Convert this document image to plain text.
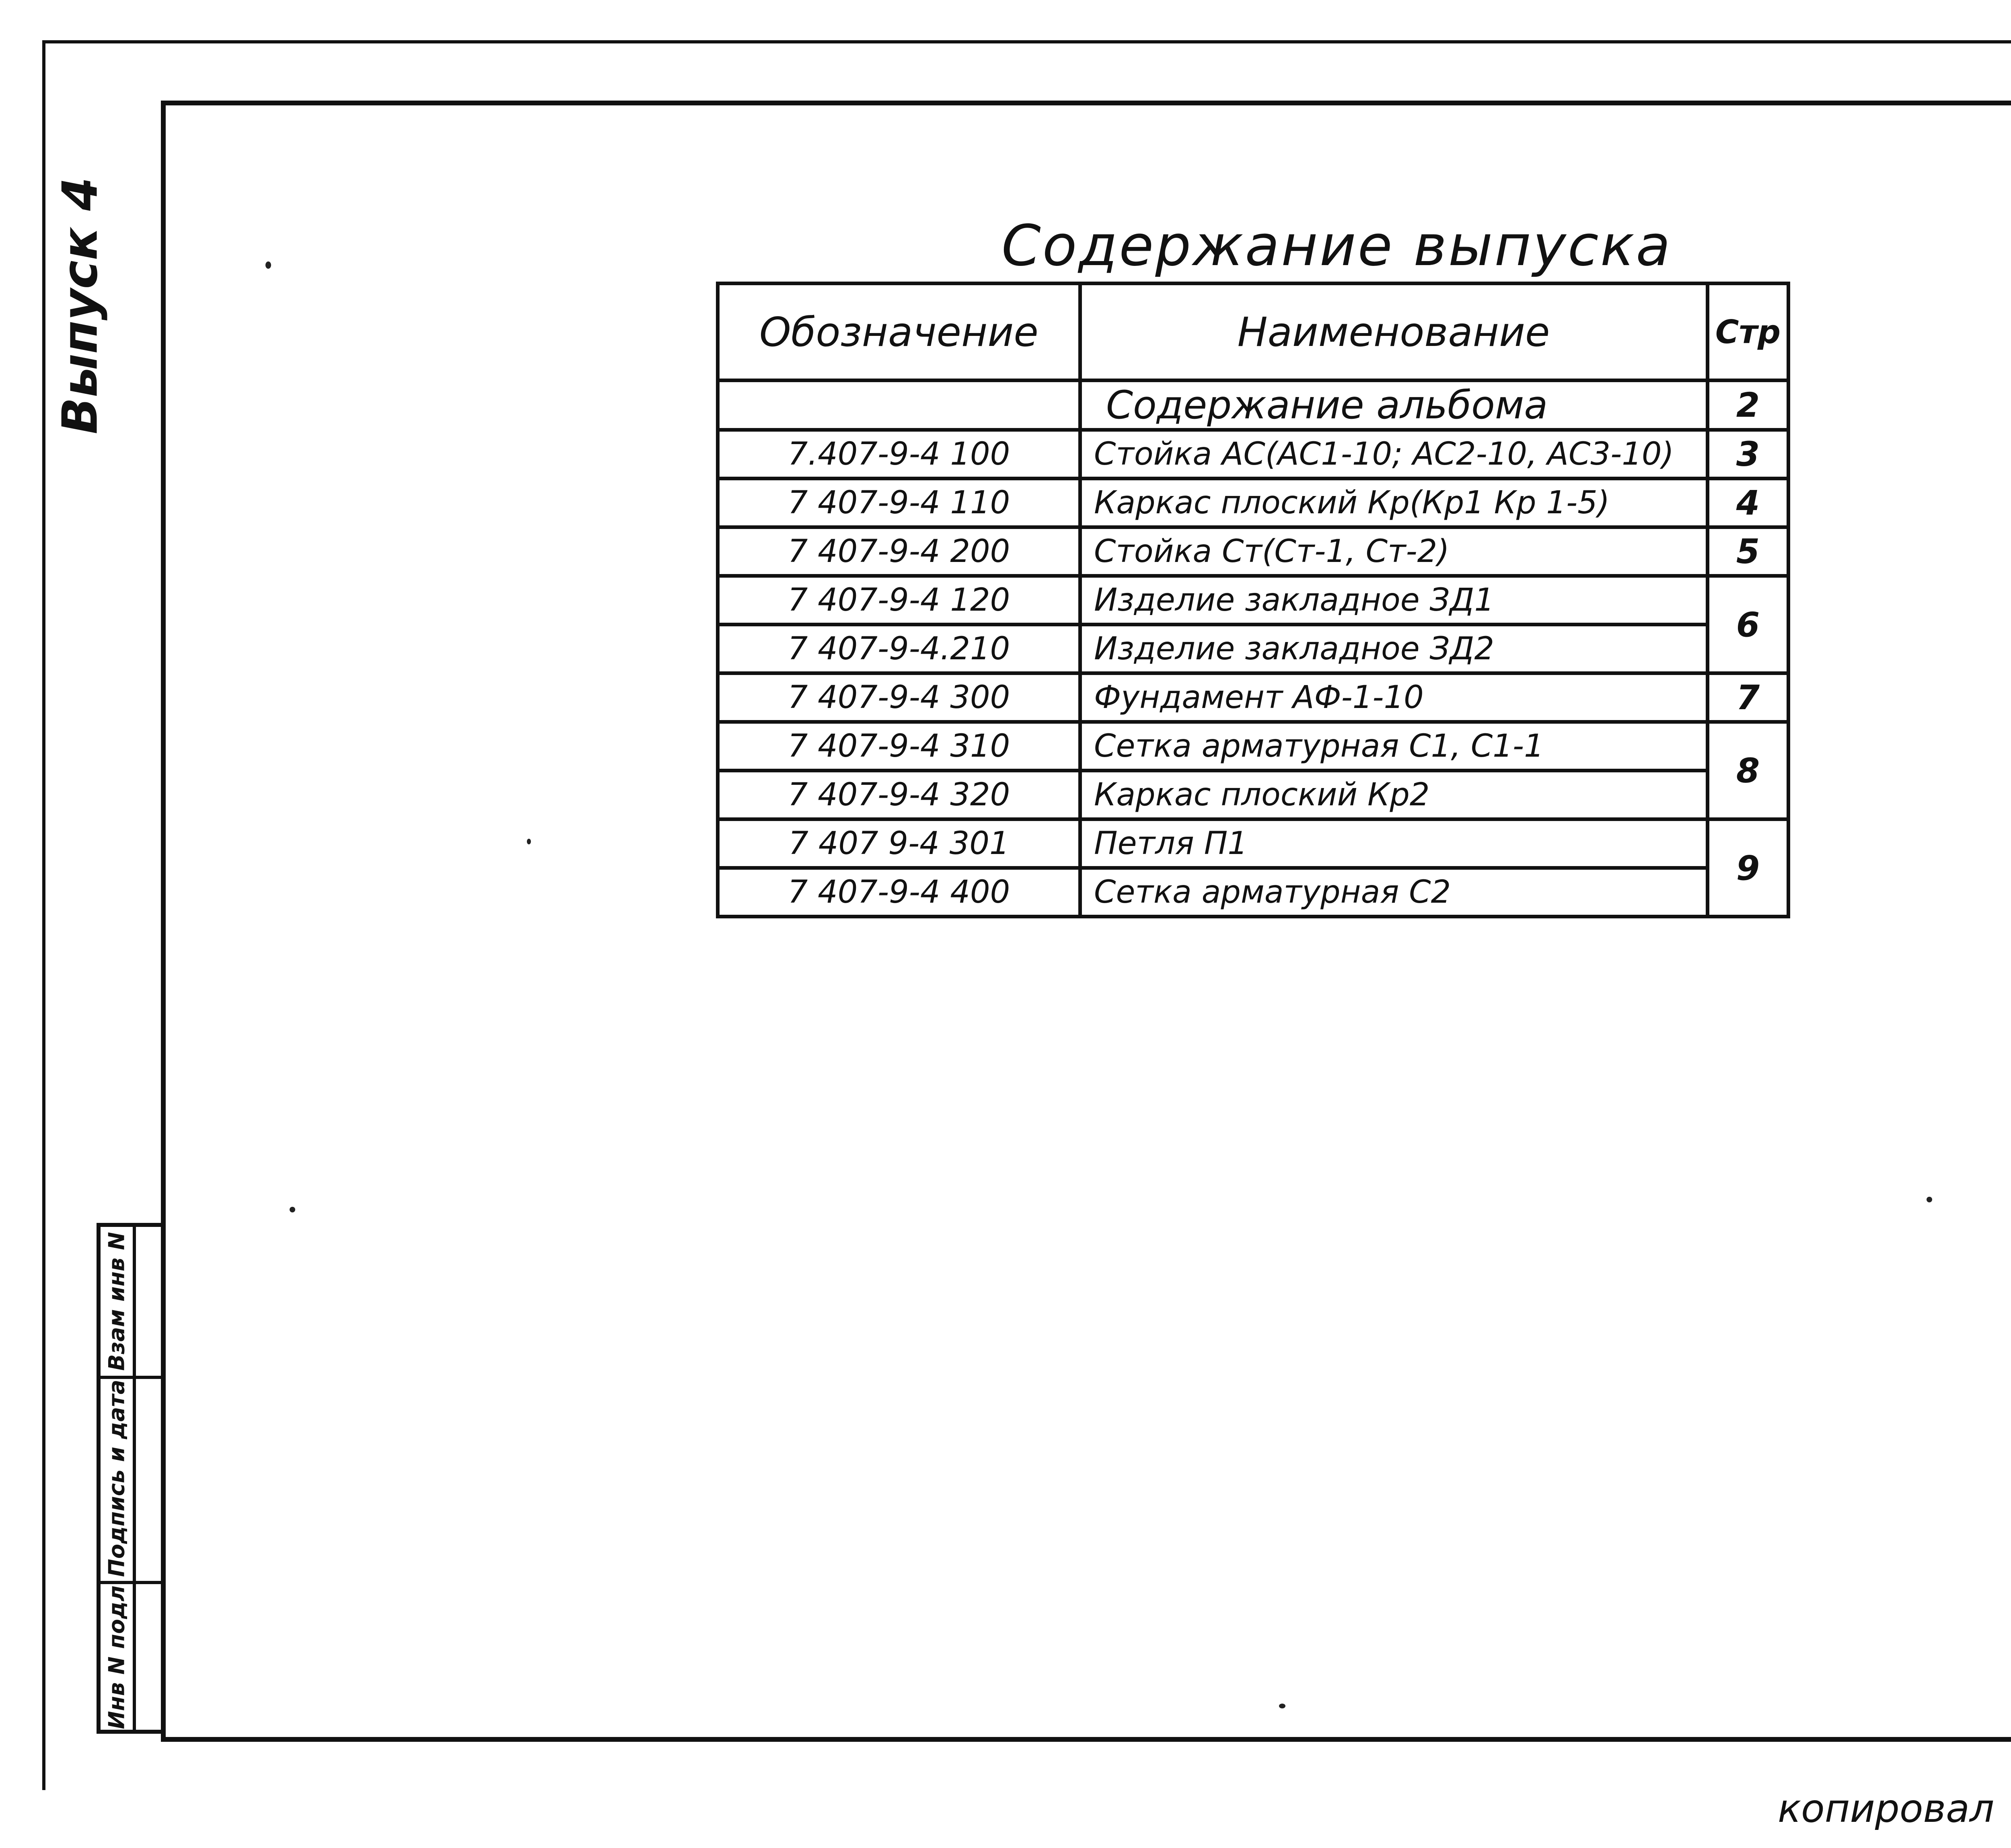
Выпуск 4
Взам инв N
Подпись и дата
Инв N подл
Содержание выпуска
Обозначение	Наименование	Стр
	Содержание альбома	2
7.407-9-4 100	Стойка АС(АС1-10; АС2-10, АС3-10)	3
7 407-9-4 110	Каркас плоский Кр(Кр1 Кр 1-5)	4
7 407-9-4 200	Стойка Ст(Ст-1, Ст-2)	5
7 407-9-4 120	Изделие закладное ЗД1	6
7 407-9-4.210	Изделие закладное ЗД2	
7 407-9-4 300	Фундамент АФ-1-10	7
7 407-9-4 310	Сетка арматурная С1, С1-1	8
7 407-9-4 320	Каркас плоский Кр2	
7 407 9-4 301	Петля П1	9
7 407-9-4 400	Сетка арматурная С2	
копировал
